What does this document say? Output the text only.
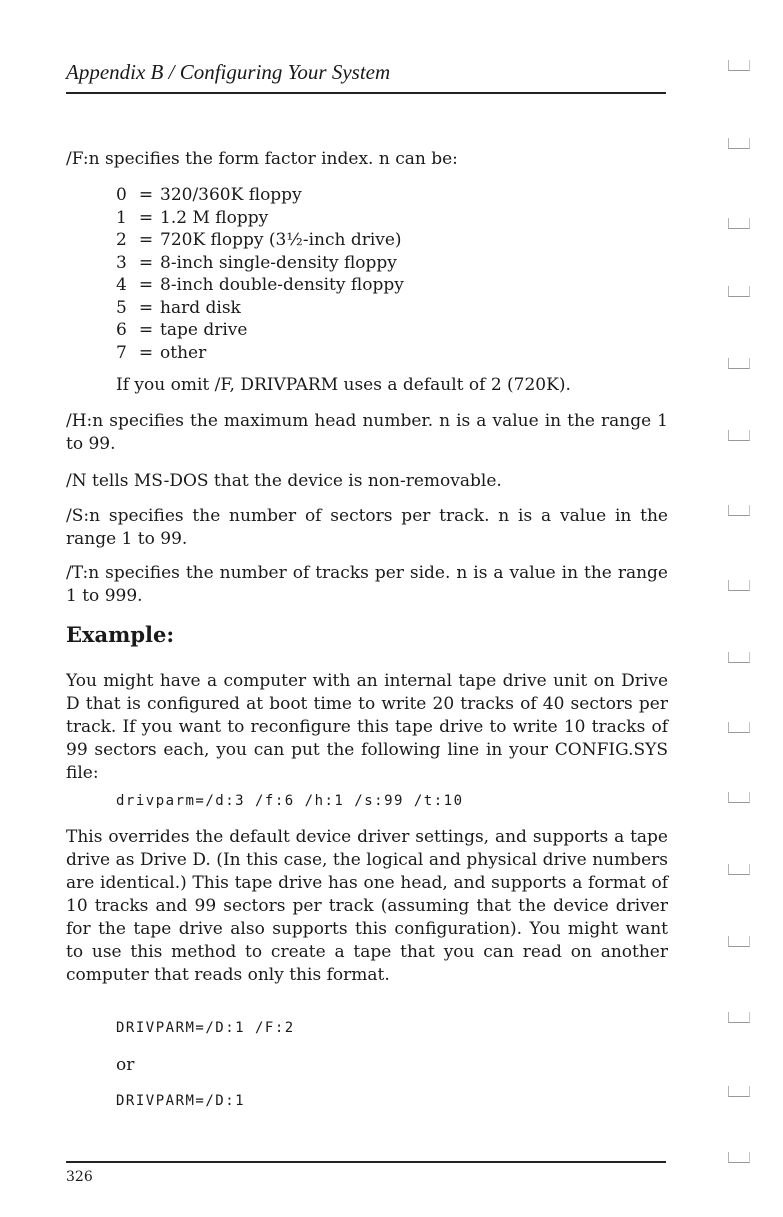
Appendix B / Configuring Your System
/F:n specifies the form factor index. n can be:
0 = 320/360K floppy
1 = 1.2 M floppy
2 = 720K floppy (3½-inch drive)
3 = 8-inch single-density floppy
4 = 8-inch double-density floppy
5 = hard disk
6 = tape drive
7 = other
If you omit /F, DRIVPARM uses a default of 2 (720K).
/H:n specifies the maximum head number. n is a value in the range 1 to 99.
/N tells MS-DOS that the device is non-removable.
/S:n specifies the number of sectors per track. n is a value in the range 1 to 99.
/T:n specifies the number of tracks per side. n is a value in the range 1 to 999.
Example:
You might have a computer with an internal tape drive unit on Drive D that is configured at boot time to write 20 tracks of 40 sectors per track. If you want to reconfigure this tape drive to write 10 tracks of 99 sectors each, you can put the following line in your CONFIG.SYS file:
drivparm=/d:3 /f:6 /h:1 /s:99 /t:10
This overrides the default device driver settings, and supports a tape drive as Drive D. (In this case, the logical and physical drive numbers are identical.) This tape drive has one head, and supports a format of 10 tracks and 99 sectors per track (assuming that the device driver for the tape drive also supports this configuration). You might want to use this method to create a tape that you can read on another computer that reads only this format.
DRIVPARM=/D:1 /F:2
or
DRIVPARM=/D:1
326
